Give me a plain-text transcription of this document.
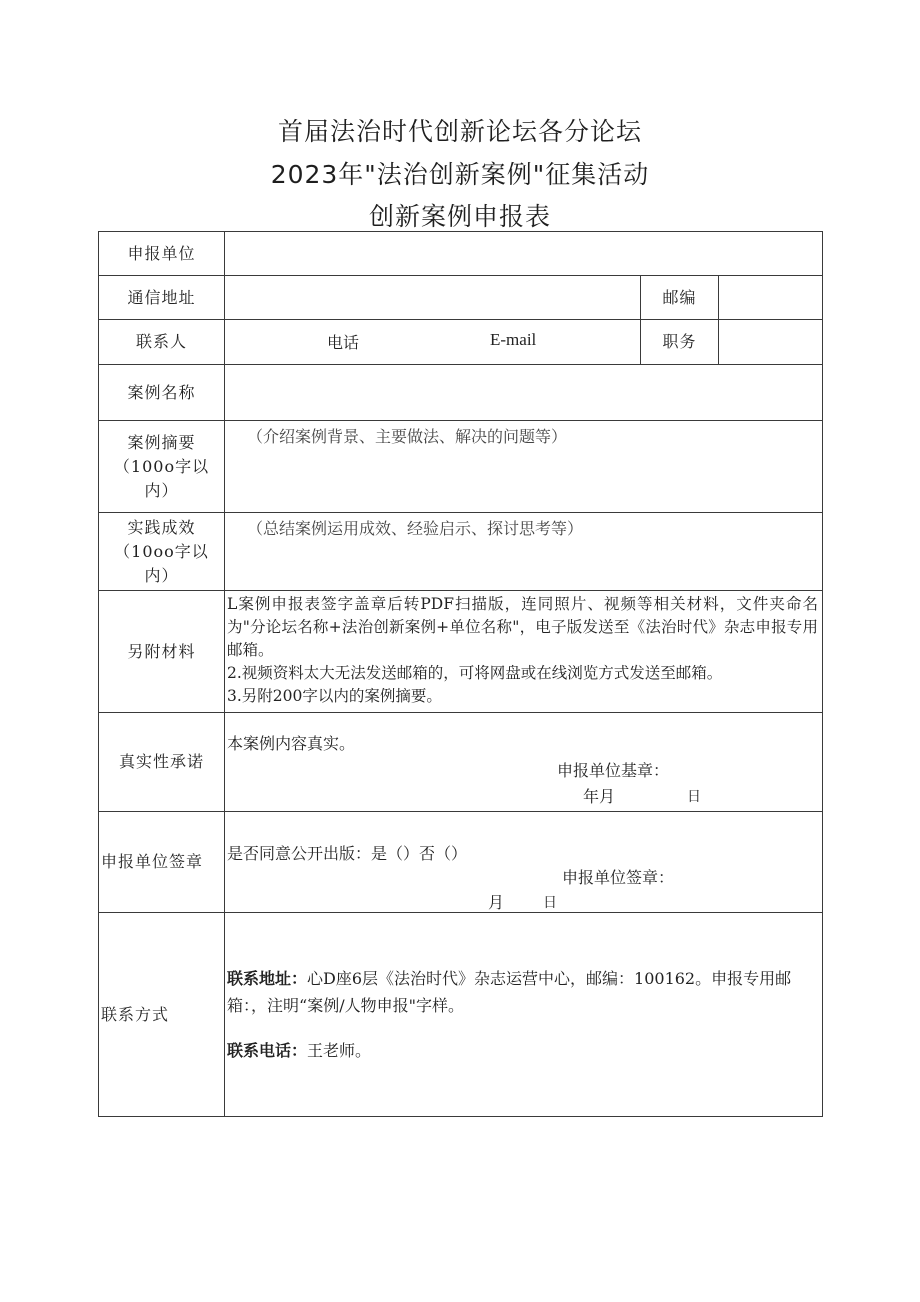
首届法治时代创新论坛各分论坛
2023年"法治创新案例"征集活动
创新案例申报表
申报单位			
通信地址		邮编	
联系人	电话 E-mail	职务	
案例名称			
案例摘要（100o字以内）	（介绍案例背景、主要做法、解决的问题等）		

实践成效（10oo字以内）	（总结案例运用成效、经验启示、探讨思考等）		

另附材料	L案例申报表签字盖章后转PDF扫描版，连同照片、视频等相关材料，文件夹命名为"分论坛名称+法治创新案例+单位名称"，电子版发送至《法治时代》杂志申报专用邮箱。

2.视频资料太大无法发送邮箱的，可将网盘或在线浏览方式发送至邮箱。

3.另附200字以内的案例摘要。		

真实性承诺	本案例内容真实。
申报单位基章：
年月 日		

申报单位签章	是否同意公开出版：是（）否（）
申报单位签章：
月 日		

联系方式	联系地址：心D座6层《法治时代》杂志运营中心，邮编：100162。申报专用邮箱：，注明“案例/人物申报"字样。

联系电话：王老师。		
